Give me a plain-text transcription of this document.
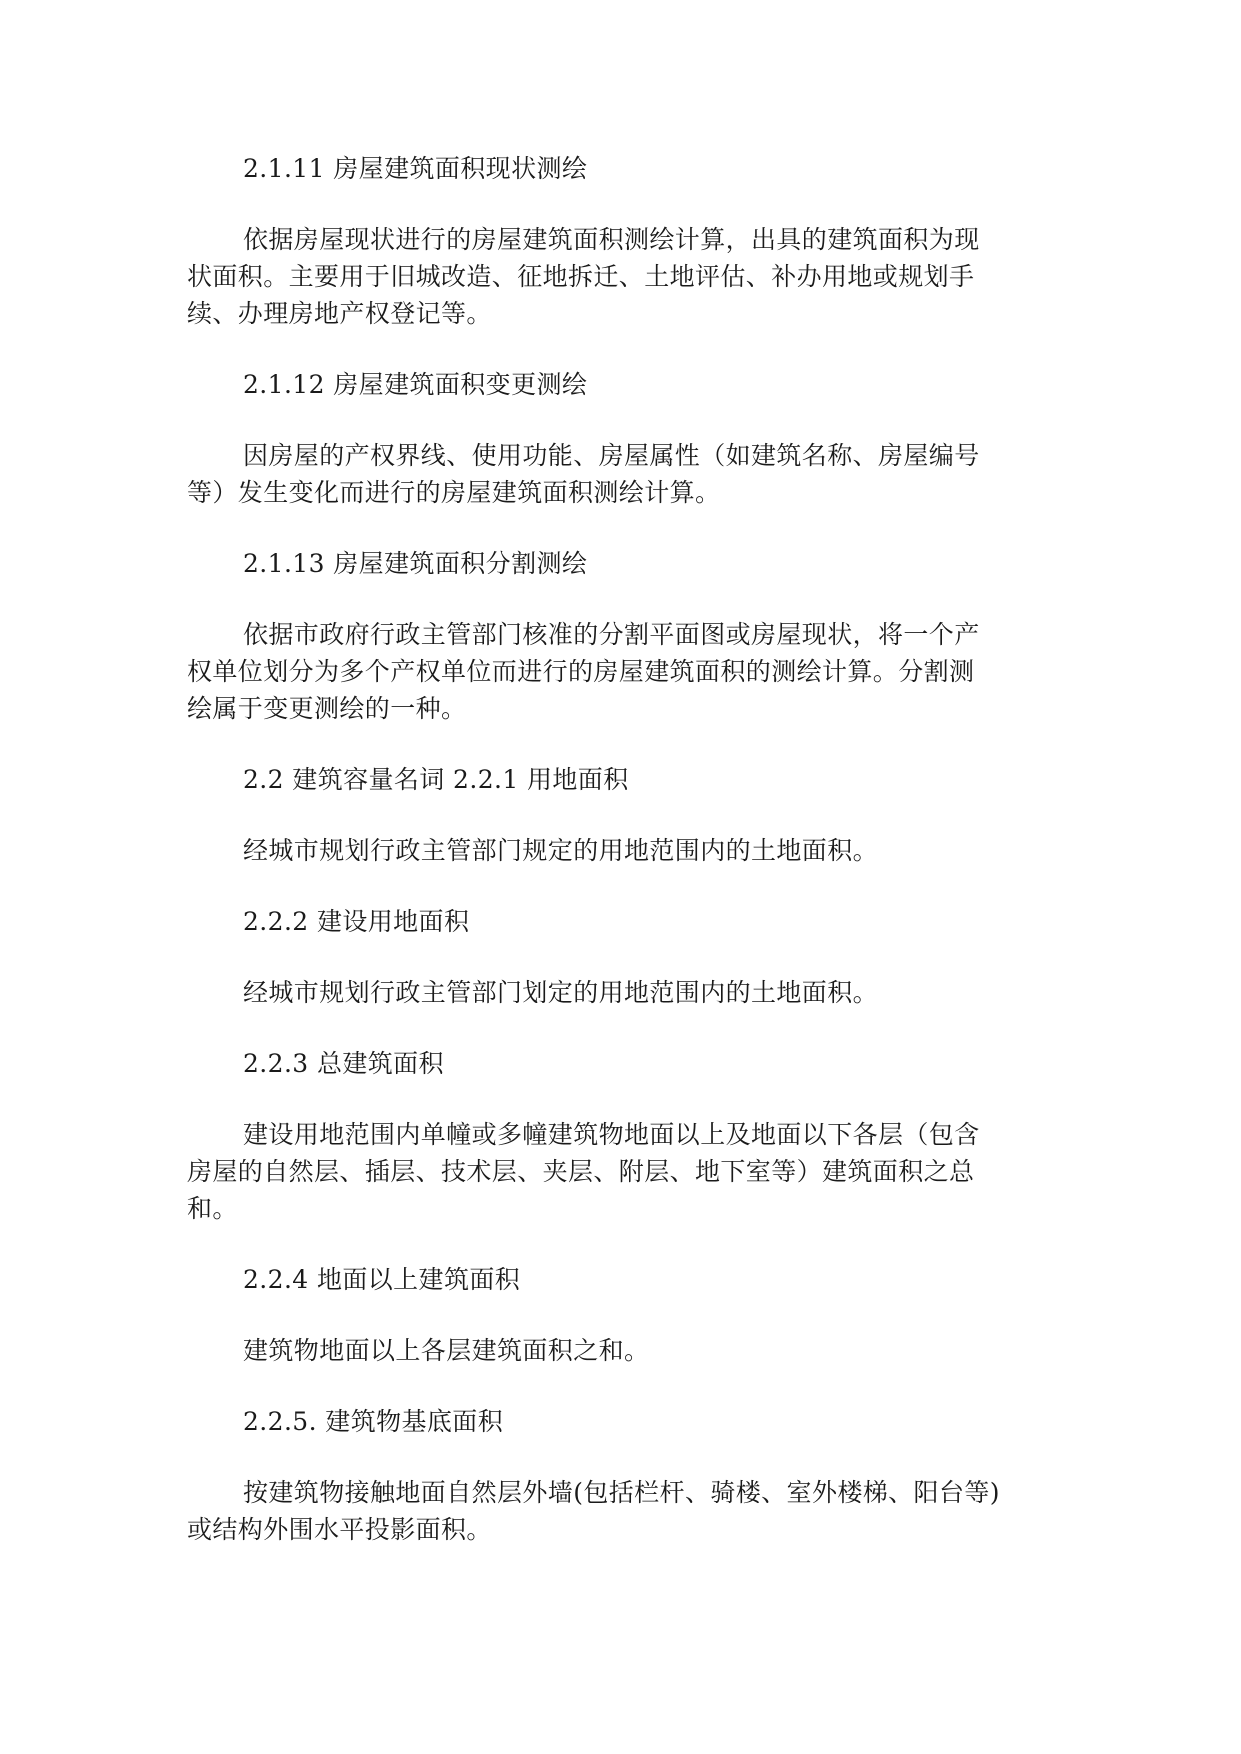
2.1.11 房屋建筑面积现状测绘
依据房屋现状进行的房屋建筑面积测绘计算，出具的建筑面积为现
状面积。主要用于旧城改造、征地拆迁、土地评估、补办用地或规划手
续、办理房地产权登记等。
2.1.12 房屋建筑面积变更测绘
因房屋的产权界线、使用功能、房屋属性（如建筑名称、房屋编号
等）发生变化而进行的房屋建筑面积测绘计算。
2.1.13 房屋建筑面积分割测绘
依据市政府行政主管部门核准的分割平面图或房屋现状，将一个产
权单位划分为多个产权单位而进行的房屋建筑面积的测绘计算。分割测
绘属于变更测绘的一种。
2.2 建筑容量名词 2.2.1 用地面积
经城市规划行政主管部门规定的用地范围内的土地面积。
2.2.2 建设用地面积
经城市规划行政主管部门划定的用地范围内的土地面积。
2.2.3 总建筑面积
建设用地范围内单幢或多幢建筑物地面以上及地面以下各层（包含
房屋的自然层、插层、技术层、夹层、附层、地下室等）建筑面积之总
和。
2.2.4 地面以上建筑面积
建筑物地面以上各层建筑面积之和。
2.2.5. 建筑物基底面积
按建筑物接触地面自然层外墙(包括栏杆、骑楼、室外楼梯、阳台等)
或结构外围水平投影面积。
